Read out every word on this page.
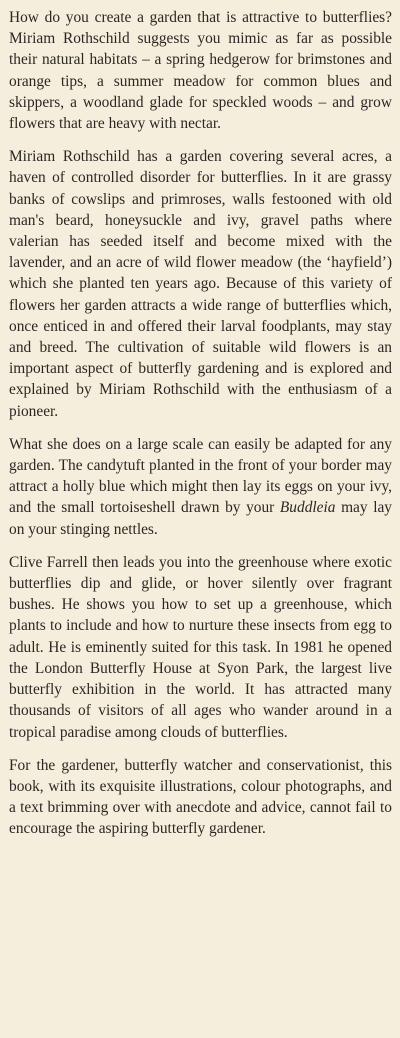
How do you create a garden that is attractive to butterflies? Miriam Rothschild suggests you mimic as far as possible their natural habitats – a spring hedgerow for brimstones and orange tips, a summer meadow for common blues and skippers, a woodland glade for speckled woods – and grow flowers that are heavy with nectar.

Miriam Rothschild has a garden covering several acres, a haven of controlled disorder for butterflies. In it are grassy banks of cowslips and primroses, walls festooned with old man's beard, honeysuckle and ivy, gravel paths where valerian has seeded itself and become mixed with the lavender, and an acre of wild flower meadow (the ‘hayfield’) which she planted ten years ago. Because of this variety of flowers her garden attracts a wide range of butterflies which, once enticed in and offered their larval foodplants, may stay and breed. The cultivation of suitable wild flowers is an important aspect of butterfly gardening and is explored and explained by Miriam Rothschild with the enthusiasm of a pioneer.

What she does on a large scale can easily be adapted for any garden. The candytuft planted in the front of your border may attract a holly blue which might then lay its eggs on your ivy, and the small tortoiseshell drawn by your Buddleia may lay on your stinging nettles.

Clive Farrell then leads you into the greenhouse where exotic butterflies dip and glide, or hover silently over fragrant bushes. He shows you how to set up a greenhouse, which plants to include and how to nurture these insects from egg to adult. He is eminently suited for this task. In 1981 he opened the London Butterfly House at Syon Park, the largest live butterfly exhibition in the world. It has attracted many thousands of visitors of all ages who wander around in a tropical paradise among clouds of butterflies.

For the gardener, butterfly watcher and conservationist, this book, with its exquisite illustrations, colour photographs, and a text brimming over with anecdote and advice, cannot fail to encourage the aspiring butterfly gardener.
